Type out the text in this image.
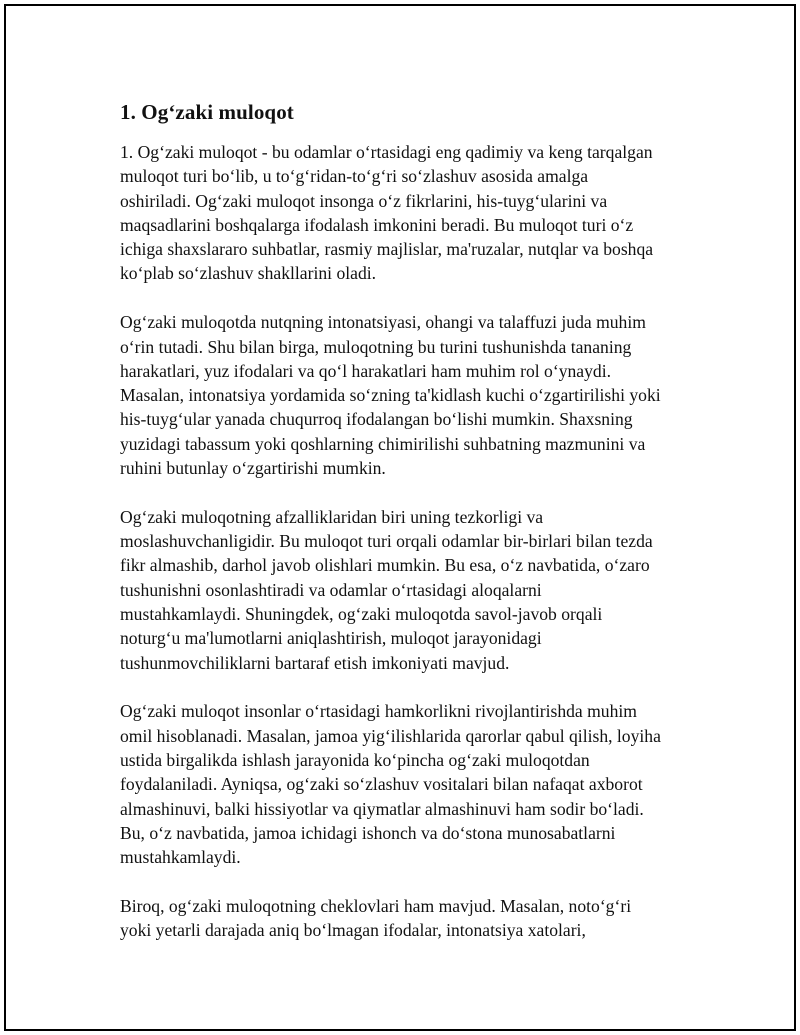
1. Og‘zaki muloqot
1. Og‘zaki muloqot - bu odamlar o‘rtasidagi eng qadimiy va keng tarqalgan
muloqot turi bo‘lib, u to‘g‘ridan-to‘g‘ri so‘zlashuv asosida amalga
oshiriladi. Og‘zaki muloqot insonga o‘z fikrlarini, his-tuyg‘ularini va
maqsadlarini boshqalarga ifodalash imkonini beradi. Bu muloqot turi o‘z
ichiga shaxslararo suhbatlar, rasmiy majlislar, ma'ruzalar, nutqlar va boshqa
ko‘plab so‘zlashuv shakllarini oladi.
Og‘zaki muloqotda nutqning intonatsiyasi, ohangi va talaffuzi juda muhim
o‘rin tutadi. Shu bilan birga, muloqotning bu turini tushunishda tananing
harakatlari, yuz ifodalari va qo‘l harakatlari ham muhim rol o‘ynaydi.
Masalan, intonatsiya yordamida so‘zning ta'kidlash kuchi o‘zgartirilishi yoki
his-tuyg‘ular yanada chuqurroq ifodalangan bo‘lishi mumkin. Shaxsning
yuzidagi tabassum yoki qoshlarning chimirilishi suhbatning mazmunini va
ruhini butunlay o‘zgartirishi mumkin.
Og‘zaki muloqotning afzalliklaridan biri uning tezkorligi va
moslashuvchanligidir. Bu muloqot turi orqali odamlar bir-birlari bilan tezda
fikr almashib, darhol javob olishlari mumkin. Bu esa, o‘z navbatida, o‘zaro
tushunishni osonlashtiradi va odamlar o‘rtasidagi aloqalarni
mustahkamlaydi. Shuningdek, og‘zaki muloqotda savol-javob orqali
noturg‘u ma'lumotlarni aniqlashtirish, muloqot jarayonidagi
tushunmovchiliklarni bartaraf etish imkoniyati mavjud.
Og‘zaki muloqot insonlar o‘rtasidagi hamkorlikni rivojlantirishda muhim
omil hisoblanadi. Masalan, jamoa yig‘ilishlarida qarorlar qabul qilish, loyiha
ustida birgalikda ishlash jarayonida ko‘pincha og‘zaki muloqotdan
foydalaniladi. Ayniqsa, og‘zaki so‘zlashuv vositalari bilan nafaqat axborot
almashinuvi, balki hissiyotlar va qiymatlar almashinuvi ham sodir bo‘ladi.
Bu, o‘z navbatida, jamoa ichidagi ishonch va do‘stona munosabatlarni
mustahkamlaydi.
Biroq, og‘zaki muloqotning cheklovlari ham mavjud. Masalan, noto‘g‘ri
yoki yetarli darajada aniq bo‘lmagan ifodalar, intonatsiya xatolari,
